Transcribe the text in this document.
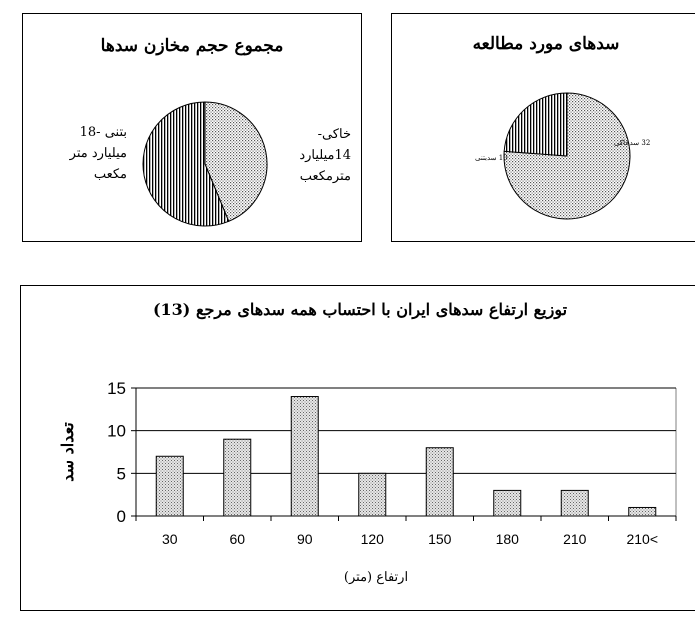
مجموع حجم مخازن سدها
خاکی-
14میلیارد
مترمکعب
بتنی -18
میلیارد متر
مکعب
سدهای مورد مطالعه
32 سدخاکی
10 سدبتنی
توزیع ارتفاع سدهای ایران با احتساب همه سدهای مرجع (13)
0
5
10
15
30	60	90	120	150	180	210	210<
ارتفاع (متر)
تعداد سد
